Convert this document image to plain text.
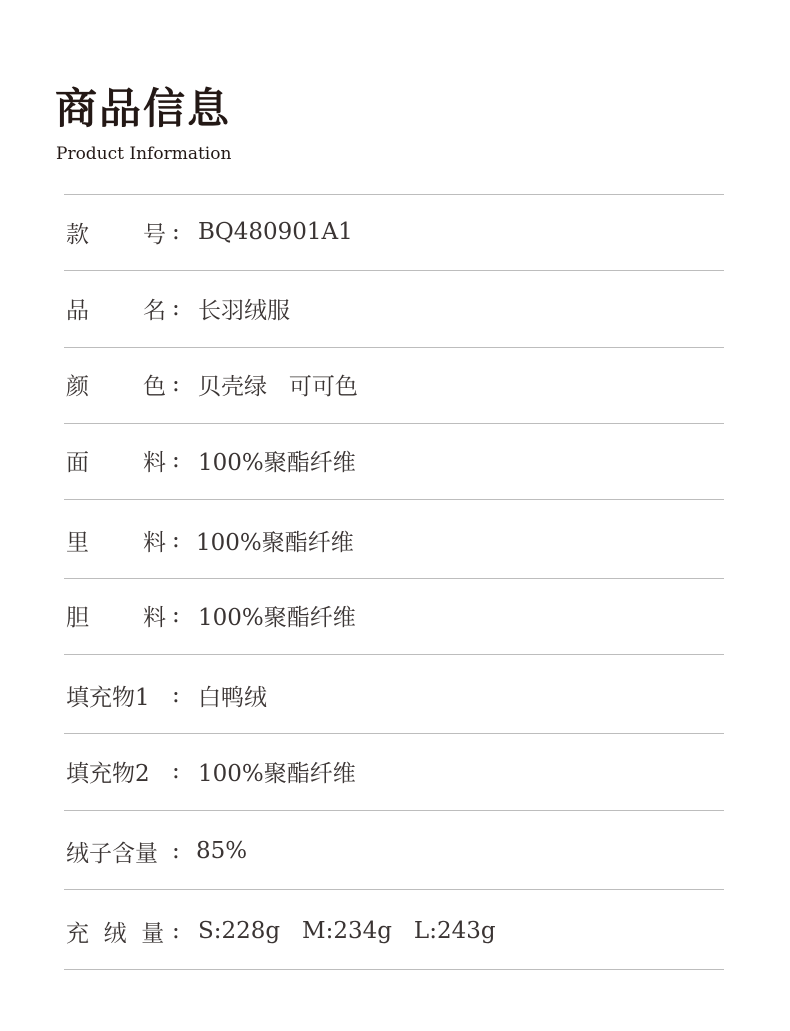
商品信息

Product Information

款 号 : BQ480901A1
品 名 : 长羽绒服
颜 色 : 贝壳绿   可可色
面 料 : 100%聚酯纤维
里 料 : 100%聚酯纤维
胆 料 : 100%聚酯纤维
填充物1 : 白鸭绒
填充物2 : 100%聚酯纤维
绒子含量 : 85%
充  绒  量 : S:228g   M:234g   L:243g
